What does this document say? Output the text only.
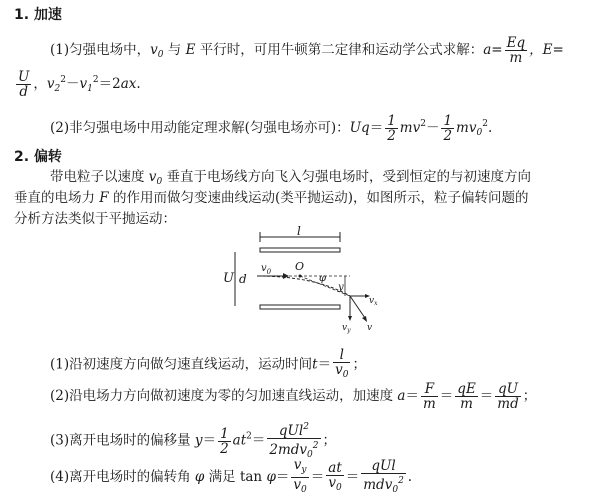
1. 加速
(1)匀强电场中，$v_0$ 与 E 平行时，可用牛顿第二定律和运动学公式求解：$a= \frac{Eq}{m}$ ，E=
$\frac{U}{d}$ ，$v_2^2-v_1^2=2ax$.
(2)非匀强电场中用动能定理求解(匀强电场亦可)：$Uq= \frac{1}{2} mv^2- \frac{1}{2} mv_0^2$.
2. 偏转
带电粒子以速度 $v_0$ 垂直于电场线方向飞入匀强电场时，受到恒定的与初速度方向
垂直的电场力 F 的作用而做匀变速曲线运动(类平抛运动)，如图所示，粒子偏转问题的
分析方法类似于平抛运动：
l
U d
$v_0$ O
φ
y
$v_x$
$v_y$ v
(1)沿初速度方向做匀速直线运动，运动时间$t= \frac{l}{v_0}$ ；
(2)沿电场力方向做初速度为零的匀加速直线运动，加速度 $a= \frac{F}{m} = \frac{qE}{m} = \frac{qU}{md}$ ；
(3)离开电场时的偏移量 $y= \frac{1}{2} at^2= \frac{qUl^2}{2mdv_0^2}$ ；
(4)离开电场时的偏转角 φ 满足 $\tan \varphi= \frac{v_y}{v_0} = \frac{at}{v_0} = \frac{\text{qUl}}{mdv_0^2}$ .
